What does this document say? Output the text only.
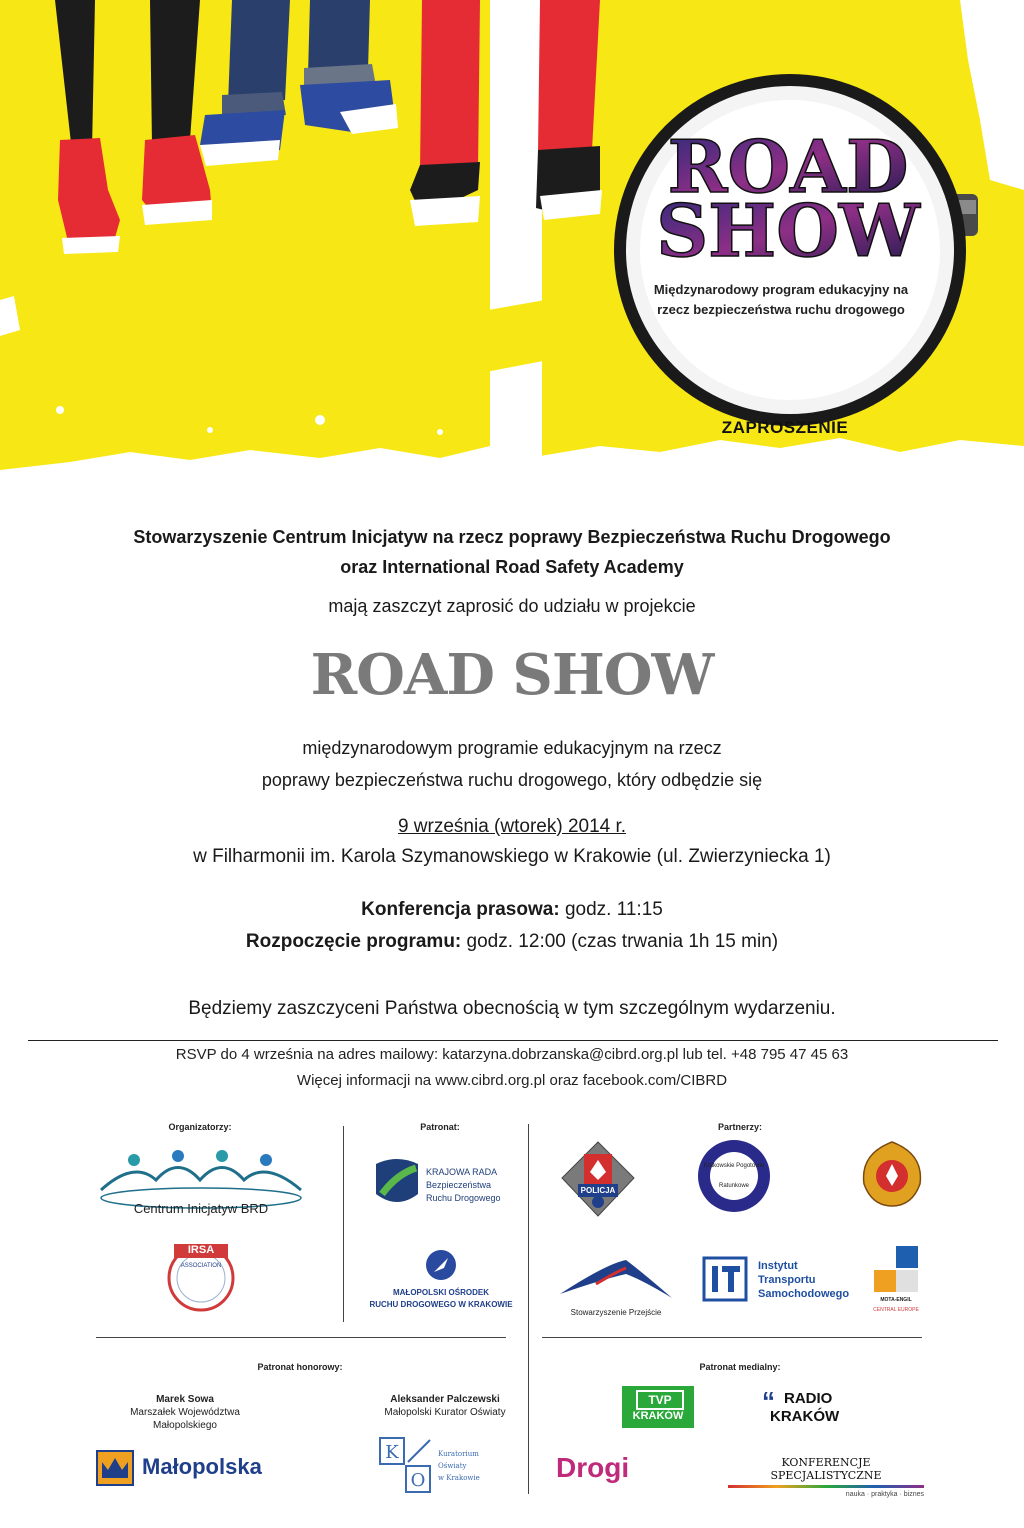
ROAD
SHOW
Międzynarodowy program edukacyjny na rzecz bezpieczeństwa ruchu drogowego
ZAPROSZENIE
Stowarzyszenie Centrum Inicjatyw na rzecz poprawy Bezpieczeństwa Ruchu Drogowego
oraz International Road Safety Academy
mają zaszczyt zaprosić do udziału w projekcie
ROAD SHOW
międzynarodowym programie edukacyjnym na rzecz
poprawy bezpieczeństwa ruchu drogowego, który odbędzie się
9 września (wtorek) 2014 r.
w Filharmonii im. Karola Szymanowskiego w Krakowie (ul. Zwierzyniecka 1)
Konferencja prasowa: godz. 11:15
Rozpoczęcie programu: godz. 12:00 (czas trwania 1h 15 min)
Będziemy zaszczyceni Państwa obecnością w tym szczególnym wydarzeniu.
RSVP do 4 września na adres mailowy: katarzyna.dobrzanska@cibrd.org.pl lub tel. +48 795 47 45 63
Więcej informacji na www.cibrd.org.pl oraz facebook.com/CIBRD
Organizatorzy:	Patronat:	Partnerzy:
Centrum Inicjatyw BRD
IRSA
ASSOCIATION
KRAJOWA RADA
Bezpieczeństwa
Ruchu Drogowego
MAŁOPOLSKI OŚRODEK
RUCHU DROGOWEGO W KRAKOWIE
POLICJA
Krakowskie Pogotowie
Ratunkowe
Stowarzyszenie Przejście
Instytut
Transportu
Samochodowego	MOTA-ENGIL
CENTRAL EUROPE
Patronat honorowy:	Patronat medialny:
Marek Sowa
Marszałek Województwa Małopolskiego
Aleksander Palczewski
Małopolski Kurator Oświaty
Małopolska
K
O
Kuratorium
Oświaty
w Krakowie
TVP
KRAKÓW	“ RADIO
KRAKÓW
Drogi	KONFERENCJE SPECJALISTYCZNE
nauka · praktyka · biznes
